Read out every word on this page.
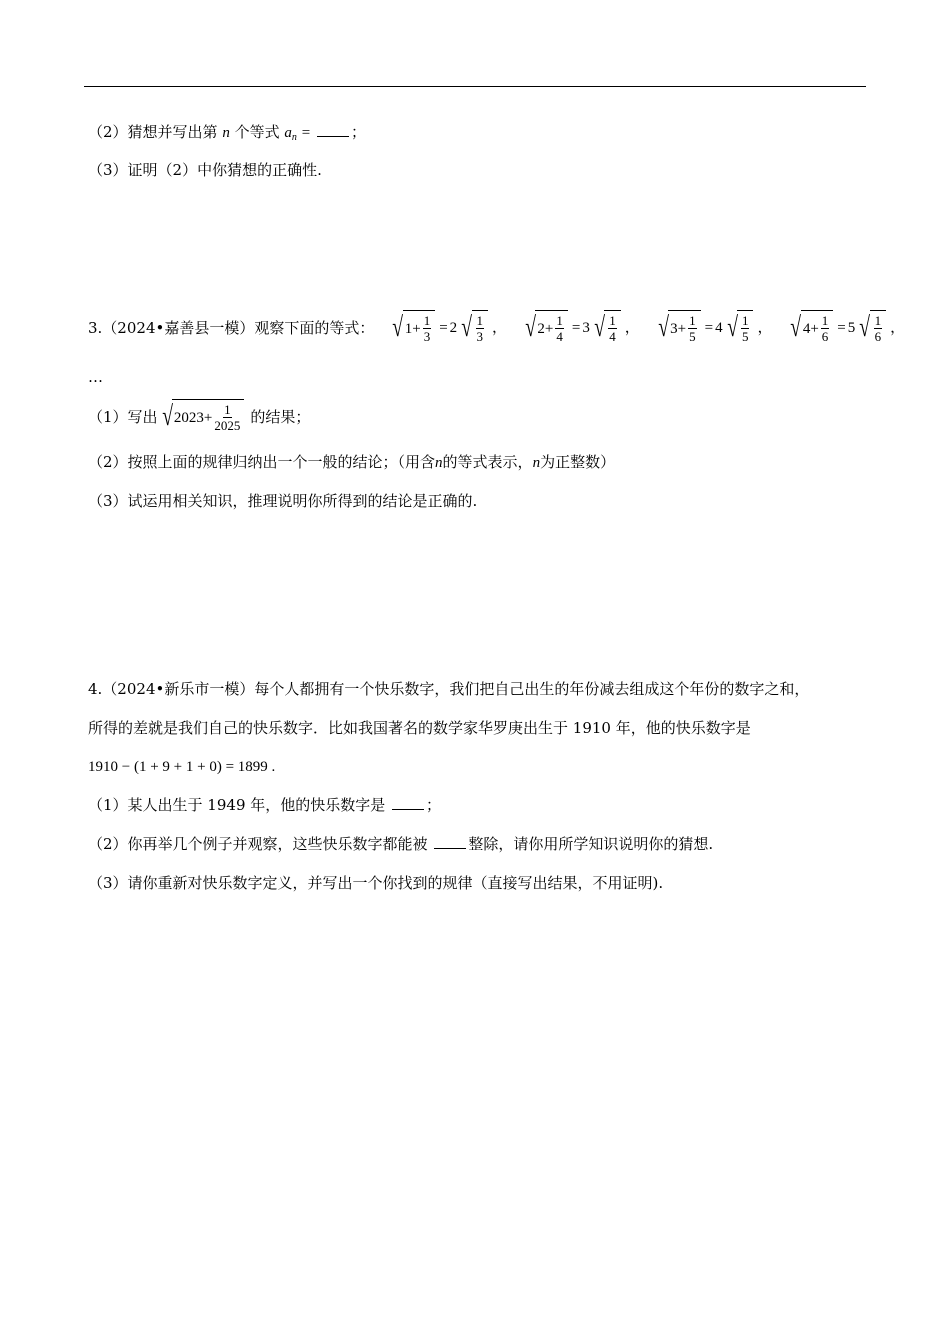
（2）猜想并写出第 n 个等式 $a_n$ =	；
（3）证明（2）中你猜想的正确性.
3.（2024•嘉善县一模）观察下面的等式： √ $1 + \frac{1}{3} = 2$ √ $\frac{1}{3}$ ， √ $2 + \frac{1}{4} = 3$ √ $\frac{1}{4}$ ， √ $3 + \frac{1}{5} = 4$ √ $\frac{1}{5}$ ， √ $4 + \frac{1}{6} = 5$ √ $\frac{1}{6}$ ，
…
（1）写出 √ $2023 + \frac{1}{2025}$ 的结果；
（2）按照上面的规律归纳出一个一般的结论；（用含n的等式表示，n为正整数）
（3）试运用相关知识，推理说明你所得到的结论是正确的.
4.（2024•新乐市一模）每个人都拥有一个快乐数字，我们把自己出生的年份减去组成这个年份的数字之和，
所得的差就是我们自己的快乐数字．比如我国著名的数学家华罗庚出生于 1910 年，他的快乐数字是
1910 − (1 + 9 + 1 + 0) = 1899 .
（1）某人出生于 1949 年，他的快乐数字是	；
（2）你再举几个例子并观察，这些快乐数字都能被	整除，请你用所学知识说明你的猜想.
（3）请你重新对快乐数字定义，并写出一个你找到的规律（直接写出结果，不用证明).
